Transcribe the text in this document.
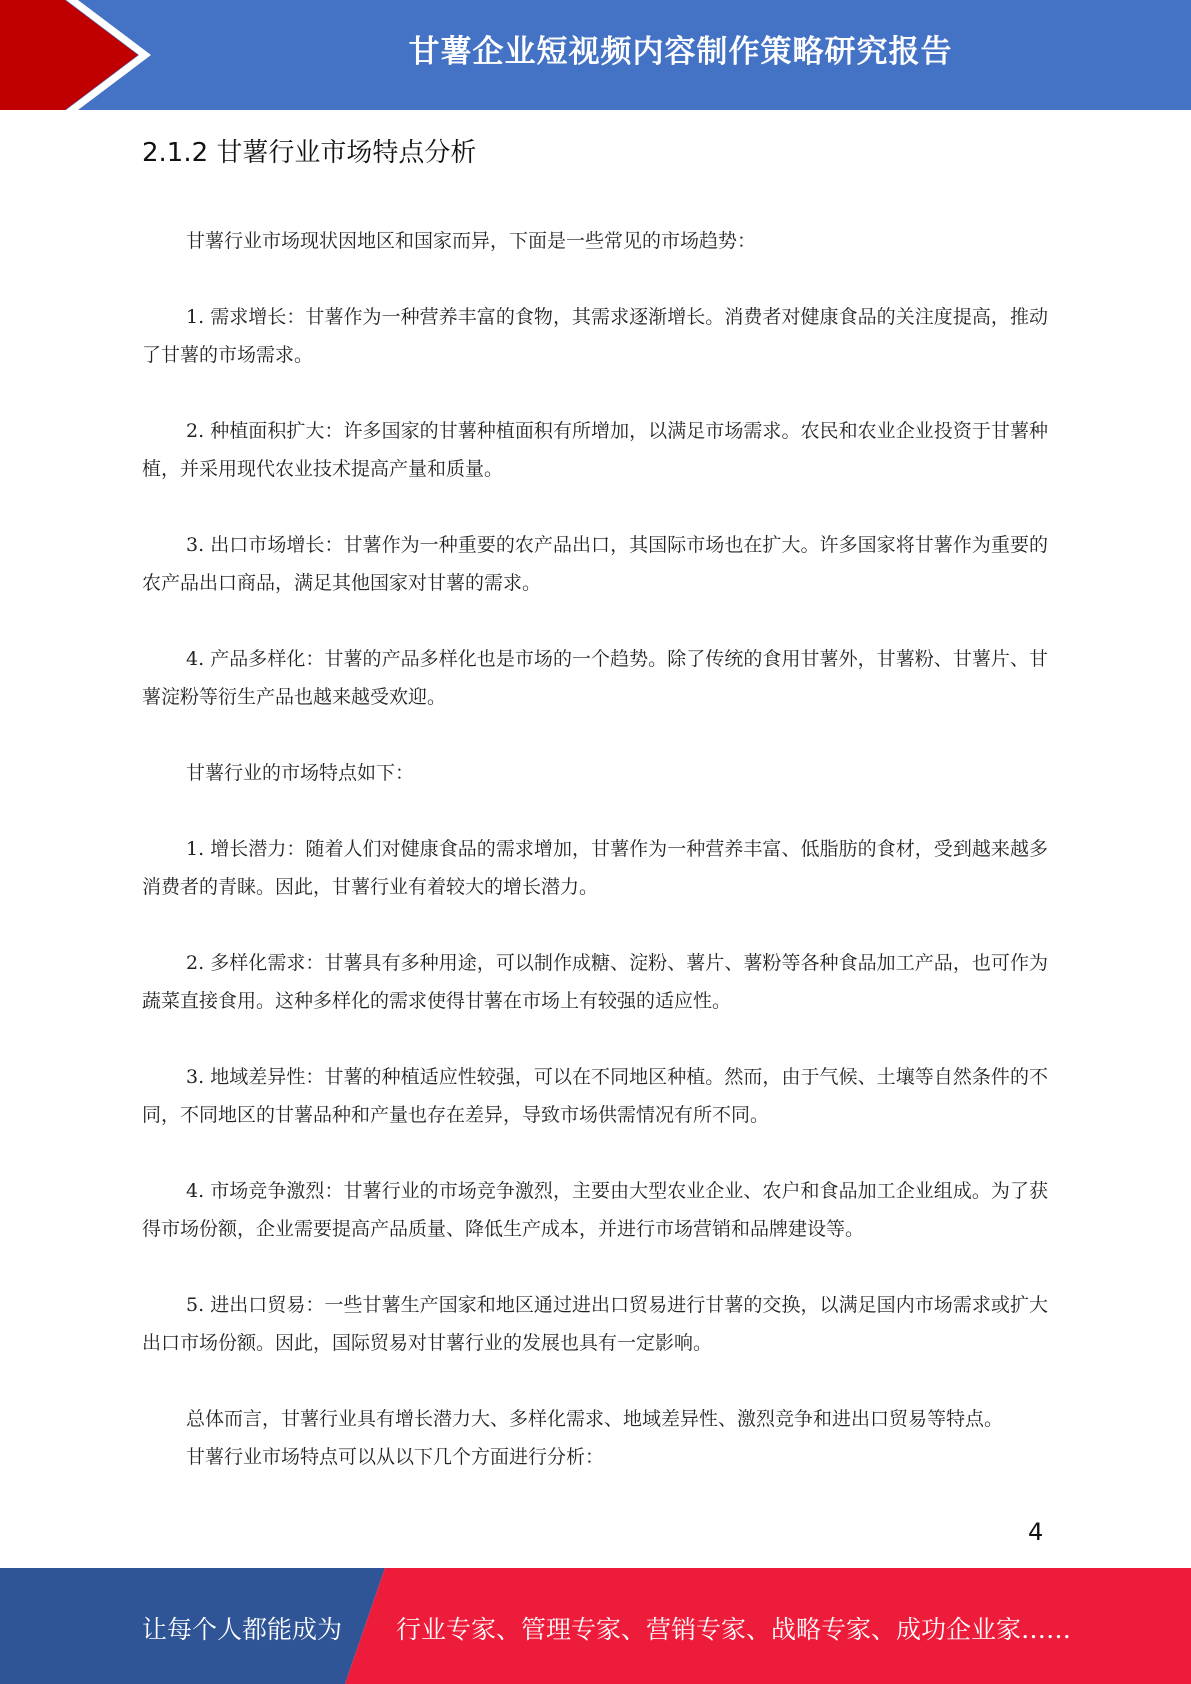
甘薯企业短视频内容制作策略研究报告
2.1.2 甘薯行业市场特点分析

甘薯行业市场现状因地区和国家而异，下面是一些常见的市场趋势：

1. 需求增长：甘薯作为一种营养丰富的食物，其需求逐渐增长。消费者对健康食品的关注度提高，推动了甘薯的市场需求。

2. 种植面积扩大：许多国家的甘薯种植面积有所增加，以满足市场需求。农民和农业企业投资于甘薯种植，并采用现代农业技术提高产量和质量。

3. 出口市场增长：甘薯作为一种重要的农产品出口，其国际市场也在扩大。许多国家将甘薯作为重要的农产品出口商品，满足其他国家对甘薯的需求。

4. 产品多样化：甘薯的产品多样化也是市场的一个趋势。除了传统的食用甘薯外，甘薯粉、甘薯片、甘薯淀粉等衍生产品也越来越受欢迎。

甘薯行业的市场特点如下：

1. 增长潜力：随着人们对健康食品的需求增加，甘薯作为一种营养丰富、低脂肪的食材，受到越来越多消费者的青睐。因此，甘薯行业有着较大的增长潜力。

2. 多样化需求：甘薯具有多种用途，可以制作成糖、淀粉、薯片、薯粉等各种食品加工产品，也可作为蔬菜直接食用。这种多样化的需求使得甘薯在市场上有较强的适应性。

3. 地域差异性：甘薯的种植适应性较强，可以在不同地区种植。然而，由于气候、土壤等自然条件的不同，不同地区的甘薯品种和产量也存在差异，导致市场供需情况有所不同。

4. 市场竞争激烈：甘薯行业的市场竞争激烈，主要由大型农业企业、农户和食品加工企业组成。为了获得市场份额，企业需要提高产品质量、降低生产成本，并进行市场营销和品牌建设等。

5. 进出口贸易：一些甘薯生产国家和地区通过进出口贸易进行甘薯的交换，以满足国内市场需求或扩大出口市场份额。因此，国际贸易对甘薯行业的发展也具有一定影响。

总体而言，甘薯行业具有增长潜力大、多样化需求、地域差异性、激烈竞争和进出口贸易等特点。

甘薯行业市场特点可以从以下几个方面进行分析：

4
让每个人都能成为 行业专家、管理专家、营销专家、战略专家、成功企业家……
